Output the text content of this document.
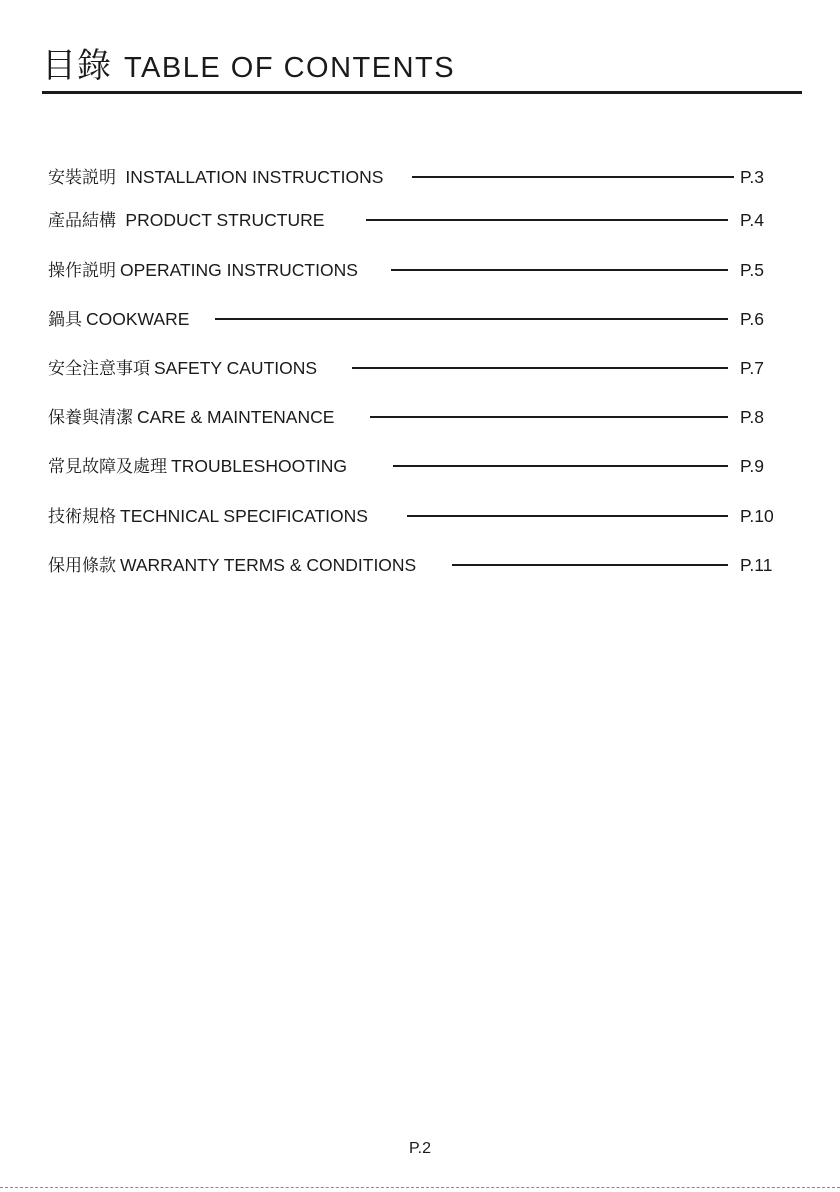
目錄 TABLE OF CONTENTS
安裝説明 INSTALLATION INSTRUCTIONS	P.3
產品結構 PRODUCT STRUCTURE	P.4
操作説明 OPERATING INSTRUCTIONS	P.5
鍋具 COOKWARE	P.6
安全注意事項 SAFETY CAUTIONS	P.7
保養與清潔 CARE & MAINTENANCE	P.8
常見故障及處理 TROUBLESHOOTING	P.9
技術規格 TECHNICAL SPECIFICATIONS	P.10
保用條款 WARRANTY TERMS & CONDITIONS	P.11
P.2
